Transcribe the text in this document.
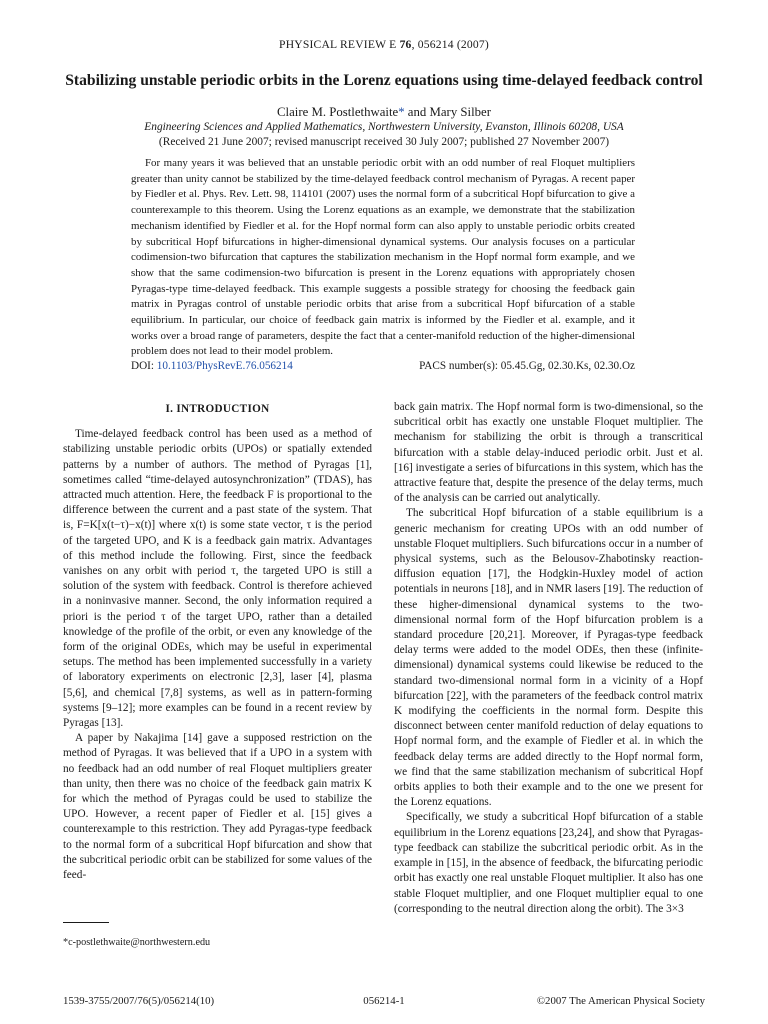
PHYSICAL REVIEW E 76, 056214 (2007)
Stabilizing unstable periodic orbits in the Lorenz equations using time-delayed feedback control
Claire M. Postlethwaite* and Mary Silber
Engineering Sciences and Applied Mathematics, Northwestern University, Evanston, Illinois 60208, USA
(Received 21 June 2007; revised manuscript received 30 July 2007; published 27 November 2007)

For many years it was believed that an unstable periodic orbit with an odd number of real Floquet multipliers greater than unity cannot be stabilized by the time-delayed feedback control mechanism of Pyragas. A recent paper by Fiedler et al. Phys. Rev. Lett. 98, 114101 (2007) uses the normal form of a subcritical Hopf bifurcation to give a counterexample to this theorem. Using the Lorenz equations as an example, we demonstrate that the stabilization mechanism identified by Fiedler et al. for the Hopf normal form can also apply to unstable periodic orbits created by subcritical Hopf bifurcations in higher-dimensional dynamical systems. Our analysis focuses on a particular codimension-two bifurcation that captures the stabilization mechanism in the Hopf normal form example, and we show that the same codimension-two bifurcation is present in the Lorenz equations with appropriately chosen Pyragas-type time-delayed feedback. This example suggests a possible strategy for choosing the feedback gain matrix in Pyragas control of unstable periodic orbits that arise from a subcritical Hopf bifurcation of a stable equilibrium. In particular, our choice of feedback gain matrix is informed by the Fiedler et al. example, and it works over a broad range of parameters, despite the fact that a center-manifold reduction of the higher-dimensional problem does not lead to their model problem.

DOI: 10.1103/PhysRevE.76.056214	PACS number(s): 05.45.Gg, 02.30.Ks, 02.30.Oz
I. INTRODUCTION

Time-delayed feedback control has been used as a method of stabilizing unstable periodic orbits (UPOs) or spatially extended patterns by a number of authors. The method of Pyragas [1], sometimes called “time-delayed autosynchronization” (TDAS), has attracted much attention. Here, the feedback F is proportional to the difference between the current and a past state of the system. That is, F=K[x(t−τ)−x(t)] where x(t) is some state vector, τ is the period of the targeted UPO, and K is a feedback gain matrix. Advantages of this method include the following. First, since the feedback vanishes on any orbit with period τ, the targeted UPO is still a solution of the system with feedback. Control is therefore achieved in a noninvasive manner. Second, the only information required a priori is the period τ of the target UPO, rather than a detailed knowledge of the profile of the orbit, or even any knowledge of the form of the original ODEs, which may be useful in experimental setups. The method has been implemented successfully in a variety of laboratory experiments on electronic [2,3], laser [4], plasma [5,6], and chemical [7,8] systems, as well as in pattern-forming systems [9–12]; more examples can be found in a recent review by Pyragas [13].

A paper by Nakajima [14] gave a supposed restriction on the method of Pyragas. It was believed that if a UPO in a system with no feedback had an odd number of real Floquet multipliers greater than unity, then there was no choice of the feedback gain matrix K for which the method of Pyragas could be used to stabilize the UPO. However, a recent paper of Fiedler et al. [15] gives a counterexample to this restriction. They add Pyragas-type feedback to the normal form of a subcritical Hopf bifurcation and show that the subcritical periodic orbit can be stabilized for some values of the feed-

back gain matrix. The Hopf normal form is two-dimensional, so the subcritical orbit has exactly one unstable Floquet multiplier. The mechanism for stabilizing the orbit is through a transcritical bifurcation with a stable delay-induced periodic orbit. Just et al. [16] investigate a series of bifurcations in this system, which has the attractive feature that, despite the presence of the delay terms, much of the analysis can be carried out analytically.

The subcritical Hopf bifurcation of a stable equilibrium is a generic mechanism for creating UPOs with an odd number of unstable Floquet multipliers. Such bifurcations occur in a number of physical systems, such as the Belousov-Zhabotinsky reaction-diffusion equation [17], the Hodgkin-Huxley model of action potentials in neurons [18], and in NMR lasers [19]. The reduction of these higher-dimensional dynamical systems to the two-dimensional normal form of the Hopf bifurcation problem is a standard procedure [20,21]. Moreover, if Pyragas-type feedback delay terms were added to the model ODEs, then these (infinite-dimensional) dynamical systems could likewise be reduced to the standard two-dimensional normal form in a vicinity of a Hopf bifurcation [22], with the parameters of the feedback control matrix K modifying the coefficients in the normal form. Despite this disconnect between center manifold reduction of delay equations to Hopf normal form, and the example of Fiedler et al. in which the feedback delay terms are added directly to the Hopf normal form, we find that the same stabilization mechanism of subcritical Hopf orbits applies to both their example and to the one we present for the Lorenz equations.

Specifically, we study a subcritical Hopf bifurcation of a stable equilibrium in the Lorenz equations [23,24], and show that Pyragas-type feedback can stabilize the subcritical periodic orbit. As in the example in [15], in the absence of feedback, the bifurcating periodic orbit has exactly one real unstable Floquet multiplier. It also has one stable Floquet multiplier, and one Floquet multiplier equal to one (corresponding to the neutral direction along the orbit). The 3×3

*c-postlethwaite@northwestern.edu
1539-3755/2007/76(5)/056214(10)	056214-1	©2007 The American Physical Society
